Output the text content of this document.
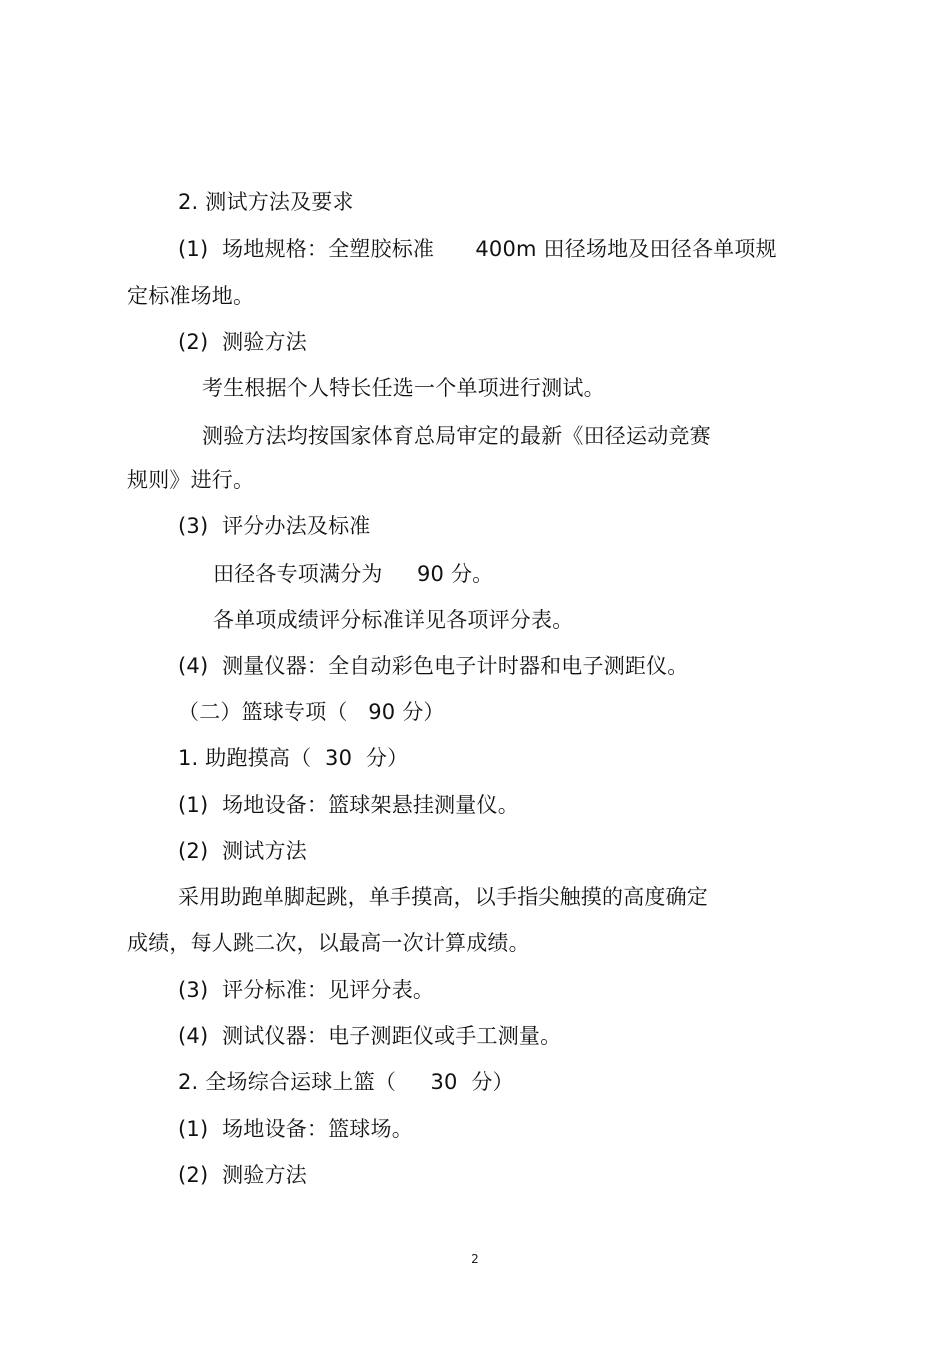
2. 测试方法及要求
(1)  场地规格：全塑胶标准      400m 田径场地及田径各单项规
定标准场地。
(2)  测验方法
考生根据个人特长任选一个单项进行测试。
测验方法均按国家体育总局审定的最新《田径运动竞赛
规则》进行。
(3)  评分办法及标准
田径各专项满分为     90 分。
各单项成绩评分标准详见各项评分表。
(4)  测量仪器：全自动彩色电子计时器和电子测距仪。
（二）篮球专项（   90 分）
1. 助跑摸高（  30  分）
(1)  场地设备：篮球架悬挂测量仪。
(2)  测试方法
采用助跑单脚起跳，单手摸高，以手指尖触摸的高度确定
成绩，每人跳二次，以最高一次计算成绩。
(3)  评分标准：见评分表。
(4)  测试仪器：电子测距仪或手工测量。
2. 全场综合运球上篮（     30  分）
(1)  场地设备：篮球场。
(2)  测验方法
2
